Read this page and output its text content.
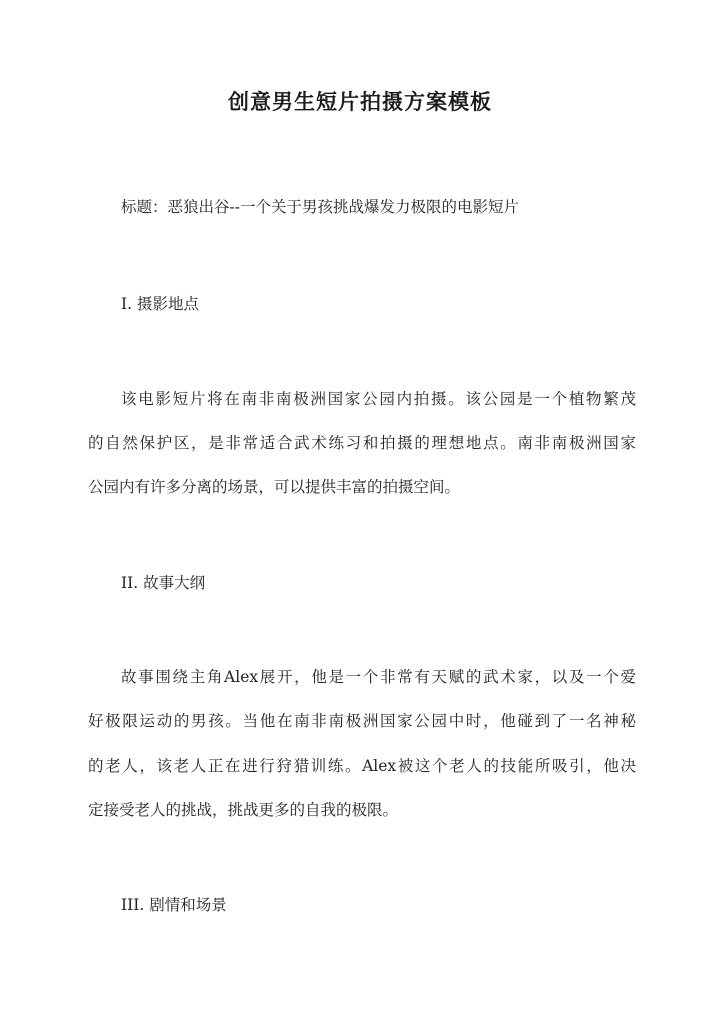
创意男生短片拍摄方案模板
标题：恶狼出谷--一个关于男孩挑战爆发力极限的电影短片
I. 摄影地点
该电影短片将在南非南极洲国家公园内拍摄。该公园是一个植物繁茂
的自然保护区，是非常适合武术练习和拍摄的理想地点。南非南极洲国家
公园内有许多分离的场景，可以提供丰富的拍摄空间。
II. 故事大纲
故事围绕主角Alex展开，他是一个非常有天赋的武术家，以及一个爱
好极限运动的男孩。当他在南非南极洲国家公园中时，他碰到了一名神秘
的老人，该老人正在进行狩猎训练。Alex被这个老人的技能所吸引，他决
定接受老人的挑战，挑战更多的自我的极限。
III. 剧情和场景
